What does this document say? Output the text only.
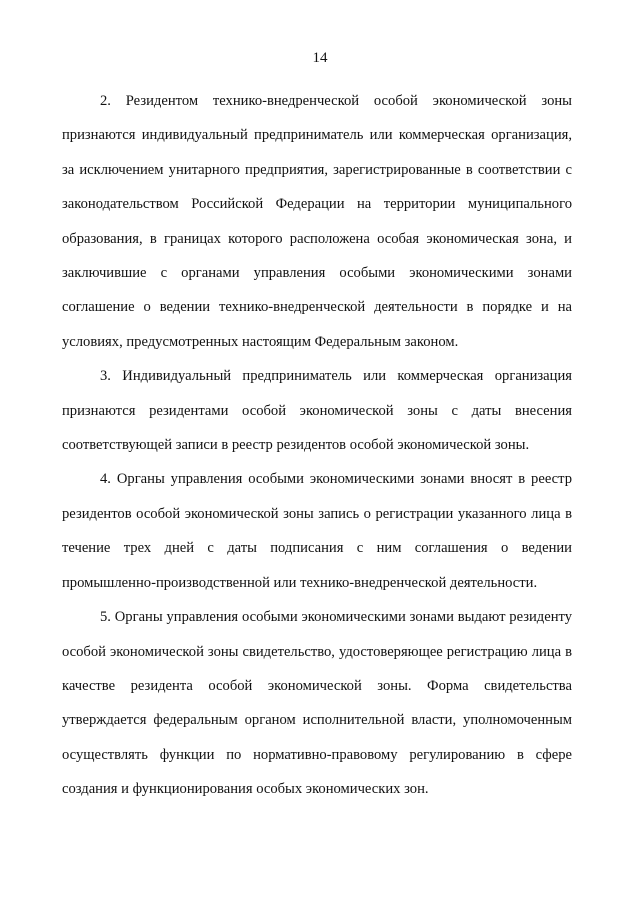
14

2. Резидентом технико-внедренческой особой экономической зоны признаются индивидуальный предприниматель или коммерческая организация, за исключением унитарного предприятия, зарегистрированные в соответствии с законодательством Российской Федерации на территории муниципального образования, в границах которого расположена особая экономическая зона, и заключившие с органами управления особыми экономическими зонами соглашение о ведении технико-внедренческой деятельности в порядке и на условиях, предусмотренных настоящим Федеральным законом.

3. Индивидуальный предприниматель или коммерческая организация признаются резидентами особой экономической зоны с даты внесения соответствующей записи в реестр резидентов особой экономической зоны.

4. Органы управления особыми экономическими зонами вносят в реестр резидентов особой экономической зоны запись о регистрации указанного лица в течение трех дней с даты подписания с ним соглашения о ведении промышленно-производственной или технико-внедренческой деятельности.

5. Органы управления особыми экономическими зонами выдают резиденту особой экономической зоны свидетельство, удостоверяющее регистрацию лица в качестве резидента особой экономической зоны. Форма свидетельства утверждается федеральным органом исполнительной власти, уполномоченным осуществлять функции по нормативно-правовому регулированию в сфере создания и функционирования особых экономических зон.
